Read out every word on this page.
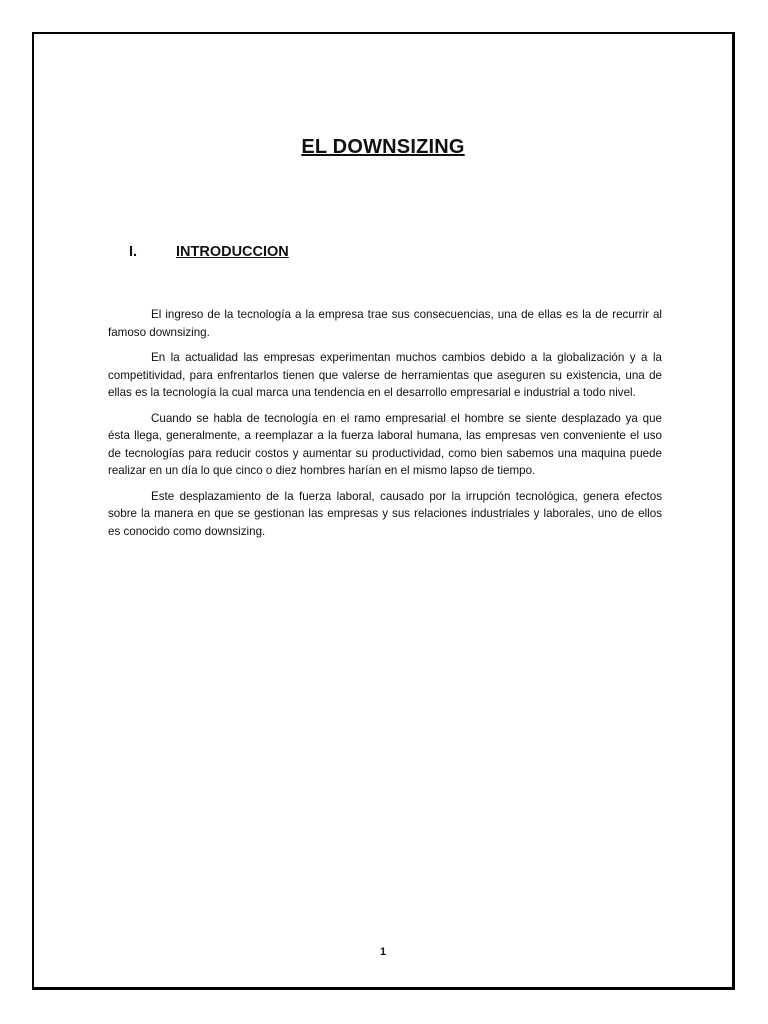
EL DOWNSIZING
I.	INTRODUCCION

El ingreso de la tecnología a la empresa trae sus consecuencias, una de ellas es la de recurrir al famoso downsizing.

En la actualidad las empresas experimentan muchos cambios debido a la globalización y a la competitividad, para enfrentarlos tienen que valerse de herramientas que aseguren su existencia, una de ellas es la tecnología la cual marca una tendencia en el desarrollo empresarial e industrial a todo nivel.

Cuando se habla de tecnología en el ramo empresarial el hombre se siente desplazado ya que ésta llega, generalmente, a reemplazar a la fuerza laboral humana, las empresas ven conveniente el uso de tecnologías para reducir costos y aumentar su productividad, como bien sabemos una maquina puede realizar en un día lo que cinco o diez hombres harían en el mismo lapso de tiempo.

Este desplazamiento de la fuerza laboral, causado por la irrupción tecnológica, genera efectos sobre la manera en que se gestionan las empresas y sus relaciones industriales y laborales, uno de ellos es conocido como downsizing.

1
